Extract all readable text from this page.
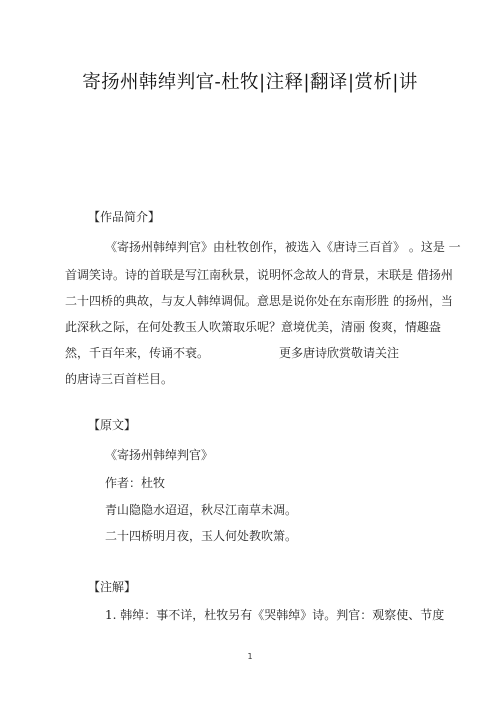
寄扬州韩绰判官-杜牧|注释|翻译|赏析|讲
【作品简介】
《寄扬州韩绰判官》由杜牧创作，被选入《唐诗三百首》 。这是 一
首调笑诗。诗的首联是写江南秋景，说明怀念故人的背景，末联是 借扬州
二十四桥的典故，与友人韩绰调侃。意思是说你处在东南形胜 的扬州，当
此深秋之际，在何处教玉人吹箫取乐呢？意境优美，清丽 俊爽，情趣盎
然，千百年来，传诵不衰。	更多唐诗欣赏敬请关注
的唐诗三百首栏目。
【原文】
《寄扬州韩绰判官》
作者：杜牧
青山隐隐水迢迢，秋尽江南草未凋。
二十四桥明月夜，玉人何处教吹箫。
【注解】
1. 韩绰：事不详，杜牧另有《哭韩绰》诗。判官：观察使、节度
1
